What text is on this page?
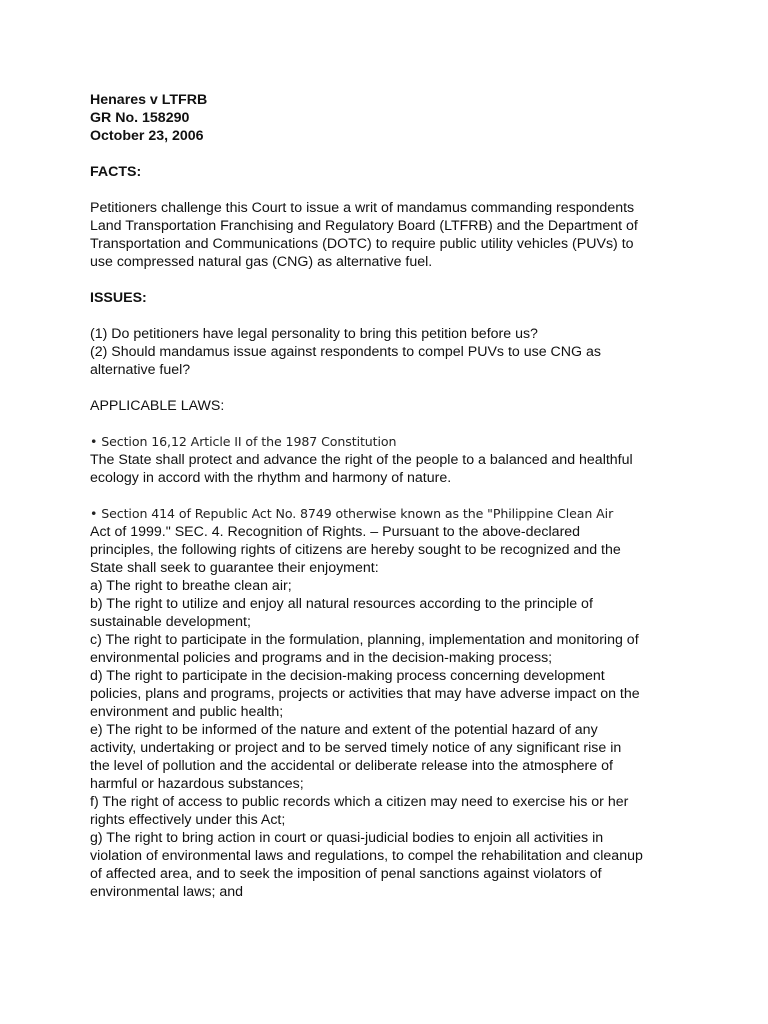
Henares v LTFRB
GR No. 158290
October 23, 2006
FACTS:
Petitioners challenge this Court to issue a writ of mandamus commanding respondents
Land Transportation Franchising and Regulatory Board (LTFRB) and the Department of
Transportation and Communications (DOTC) to require public utility vehicles (PUVs) to
use compressed natural gas (CNG) as alternative fuel.
ISSUES:
(1) Do petitioners have legal personality to bring this petition before us?
(2) Should mandamus issue against respondents to compel PUVs to use CNG as
alternative fuel?
APPLICABLE LAWS:
• Section 16,12 Article II of the 1987 Constitution
The State shall protect and advance the right of the people to a balanced and healthful
ecology in accord with the rhythm and harmony of nature.
• Section 414 of Republic Act No. 8749 otherwise known as the "Philippine Clean Air
Act of 1999." SEC. 4. Recognition of Rights. – Pursuant to the above-declared
principles, the following rights of citizens are hereby sought to be recognized and the
State shall seek to guarantee their enjoyment:
a) The right to breathe clean air;
b) The right to utilize and enjoy all natural resources according to the principle of
sustainable development;
c) The right to participate in the formulation, planning, implementation and monitoring of
environmental policies and programs and in the decision-making process;
d) The right to participate in the decision-making process concerning development
policies, plans and programs, projects or activities that may have adverse impact on the
environment and public health;
e) The right to be informed of the nature and extent of the potential hazard of any
activity, undertaking or project and to be served timely notice of any significant rise in
the level of pollution and the accidental or deliberate release into the atmosphere of
harmful or hazardous substances;
f) The right of access to public records which a citizen may need to exercise his or her
rights effectively under this Act;
g) The right to bring action in court or quasi-judicial bodies to enjoin all activities in
violation of environmental laws and regulations, to compel the rehabilitation and cleanup
of affected area, and to seek the imposition of penal sanctions against violators of
environmental laws; and
